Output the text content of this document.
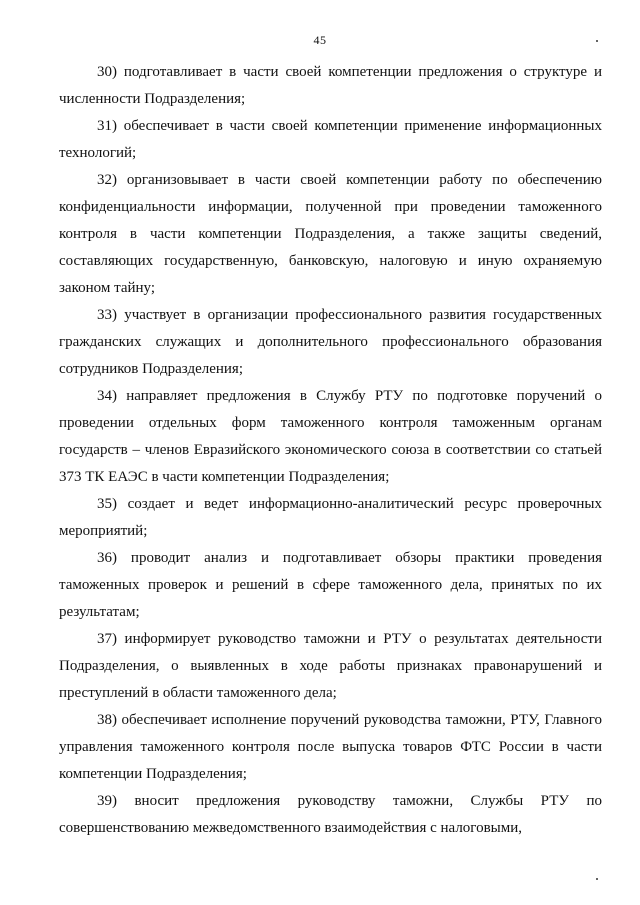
45

30) подготавливает в части своей компетенции предложения о структуре и численности Подразделения;

31) обеспечивает в части своей компетенции применение информационных технологий;

32) организовывает в части своей компетенции работу по обеспечению конфиденциальности информации, полученной при проведении таможенного контроля в части компетенции Подразделения, а также защиты сведений, составляющих государственную, банковскую, налоговую и иную охраняемую законом тайну;

33) участвует в организации профессионального развития государственных гражданских служащих и дополнительного профессионального образования сотрудников Подразделения;

34) направляет предложения в Службу РТУ по подготовке поручений о проведении отдельных форм таможенного контроля таможенным органам государств – членов Евразийского экономического союза в соответствии со статьей 373 ТК ЕАЭС в части компетенции Подразделения;

35) создает и ведет информационно-аналитический ресурс проверочных мероприятий;

36) проводит анализ и подготавливает обзоры практики проведения таможенных проверок и решений в сфере таможенного дела, принятых по их результатам;

37) информирует руководство таможни и РТУ о результатах деятельности Подразделения, о выявленных в ходе работы признаках правонарушений и преступлений в области таможенного дела;

38) обеспечивает исполнение поручений руководства таможни, РТУ, Главного управления таможенного контроля после выпуска товаров ФТС России в части компетенции Подразделения;

39) вносит предложения руководству таможни, Службы РТУ по совершенствованию межведомственного взаимодействия с налоговыми,
